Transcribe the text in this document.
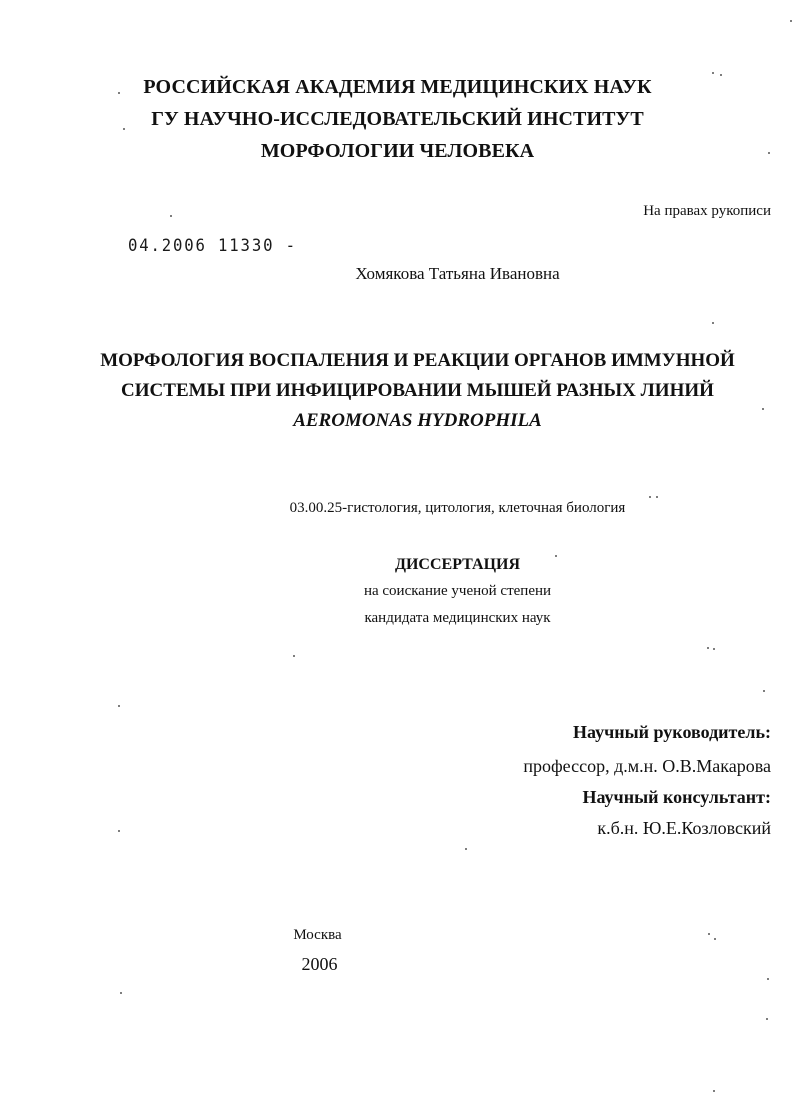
РОССИЙСКАЯ АКАДЕМИЯ МЕДИЦИНСКИХ НАУК
ГУ НАУЧНО-ИССЛЕДОВАТЕЛЬСКИЙ ИНСТИТУТ
МОРФОЛОГИИ ЧЕЛОВЕКА
На правах рукописи
04.2006 11330 -
Хомякова Татьяна Ивановна
МОРФОЛОГИЯ ВОСПАЛЕНИЯ И РЕАКЦИИ ОРГАНОВ ИММУННОЙ
СИСТЕМЫ ПРИ ИНФИЦИРОВАНИИ МЫШЕЙ РАЗНЫХ ЛИНИЙ
AEROMONAS HYDROPHILA
03.00.25-гистология, цитология, клеточная биология
ДИССЕРТАЦИЯ
на соискание ученой степени
кандидата медицинских наук
Научный руководитель:
профессор, д.м.н. О.В.Макарова
Научный консультант:
к.б.н. Ю.Е.Козловский
Москва
2006
